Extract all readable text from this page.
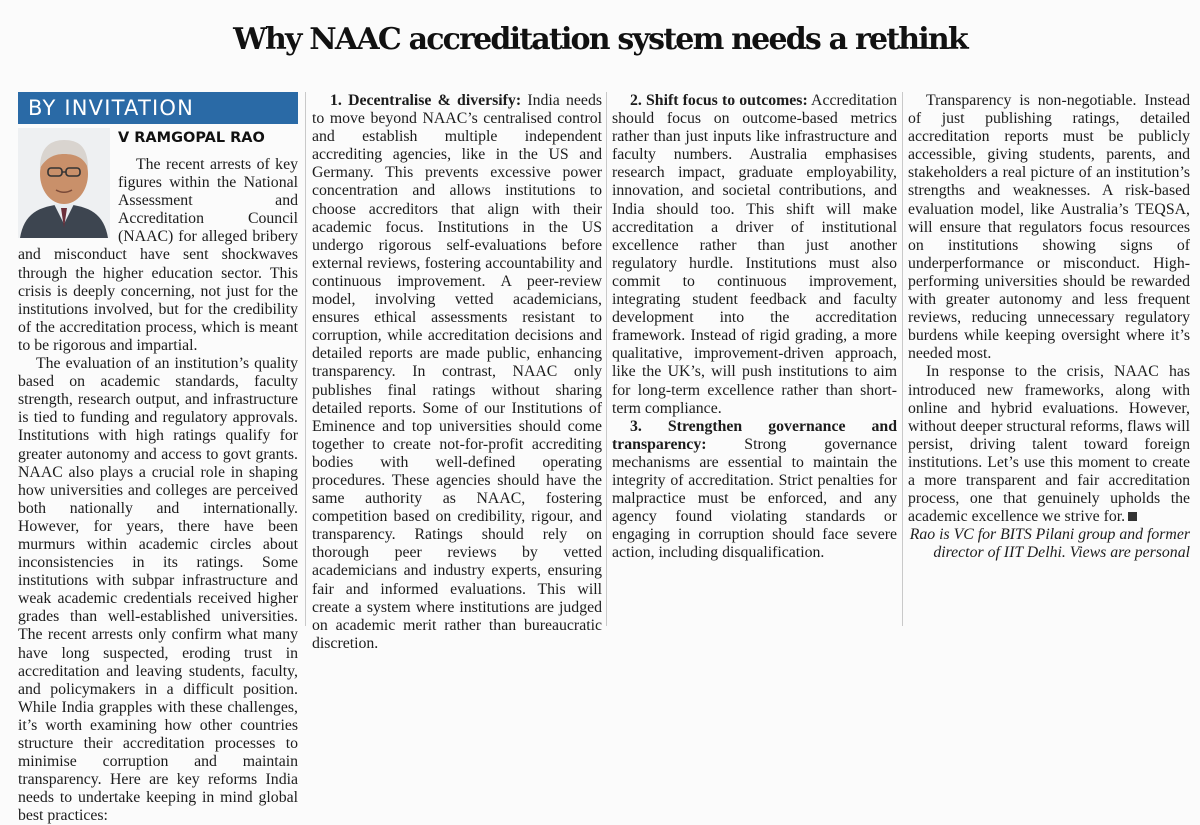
Why NAAC accreditation system needs a rethink
BY INVITATION
V RAMGOPAL RAO

The recent arrests of key figures within the National Assessment and Accreditation Council (NAAC) for alleged bribery and misconduct have sent shockwaves through the higher education sector. This crisis is deeply concerning, not just for the institutions involved, but for the credibility of the accreditation process, which is meant to be rigorous and impartial.

The evaluation of an institution’s quality based on academic standards, faculty strength, research output, and infrastructure is tied to funding and regulatory approvals. Institutions with high ratings qualify for greater autonomy and access to govt grants. NAAC also plays a crucial role in shaping how universities and colleges are perceived both nationally and internationally. However, for years, there have been murmurs within academic circles about inconsistencies in its ratings. Some institutions with subpar infrastructure and weak academic credentials received higher grades than well-established universities. The recent arrests only confirm what many have long suspected, eroding trust in accreditation and leaving students, faculty, and policymakers in a difficult position. While India grapples with these challenges, it’s worth examining how other countries structure their accreditation processes to minimise corruption and maintain transparency. Here are key reforms India needs to undertake keeping in mind global best practices:

1. Decentralise & diversify: India needs to move beyond NAAC’s centralised control and establish multiple independent accrediting agencies, like in the US and Germany. This prevents excessive power concentration and allows institutions to choose accreditors that align with their academic focus. Institutions in the US undergo rigorous self-evaluations before external reviews, fostering accountability and continuous improvement. A peer-review model, involving vetted academicians, ensures ethical assessments resistant to corruption, while accreditation decisions and detailed reports are made public, enhancing transparency. In contrast, NAAC only publishes final ratings without sharing detailed reports. Some of our Institutions of Eminence and top universities should come together to create not-for-profit accrediting bodies with well-defined operating procedures. These agencies should have the same authority as NAAC, fostering competition based on credibility, rigour, and transparency. Ratings should rely on thorough peer reviews by vetted academicians and industry experts, ensuring fair and informed evaluations. This will create a system where institutions are judged on academic merit rather than bureaucratic discretion.

2. Shift focus to outcomes: Accreditation should focus on outcome-based metrics rather than just inputs like infrastructure and faculty numbers. Australia emphasises research impact, graduate employability, innovation, and societal contributions, and India should too. This shift will make accreditation a driver of institutional excellence rather than just another regulatory hurdle. Institutions must also commit to continuous improvement, integrating student feedback and faculty development into the accreditation framework. Instead of rigid grading, a more qualitative, improvement-driven approach, like the UK’s, will push institutions to aim for long-term excellence rather than short-term compliance.

3. Strengthen governance and transparency: Strong governance mechanisms are essential to maintain the integrity of accreditation. Strict penalties for malpractice must be enforced, and any agency found violating standards or engaging in corruption should face severe action, including disqualification.

Transparency is non-negotiable. Instead of just publishing ratings, detailed accreditation reports must be publicly accessible, giving students, parents, and stakeholders a real picture of an institution’s strengths and weaknesses. A risk-based evaluation model, like Australia’s TEQSA, will ensure that regulators focus resources on institutions showing signs of underperformance or misconduct. High-performing universities should be rewarded with greater autonomy and less frequent reviews, reducing unnecessary regulatory burdens while keeping oversight where it’s needed most.

In response to the crisis, NAAC has introduced new frameworks, along with online and hybrid evaluations. However, without deeper structural reforms, flaws will persist, driving talent toward foreign institutions. Let’s use this moment to create a more transparent and fair accreditation process, one that genuinely upholds the academic excellence we strive for.

Rao is VC for BITS Pilani group and former director of IIT Delhi. Views are personal
